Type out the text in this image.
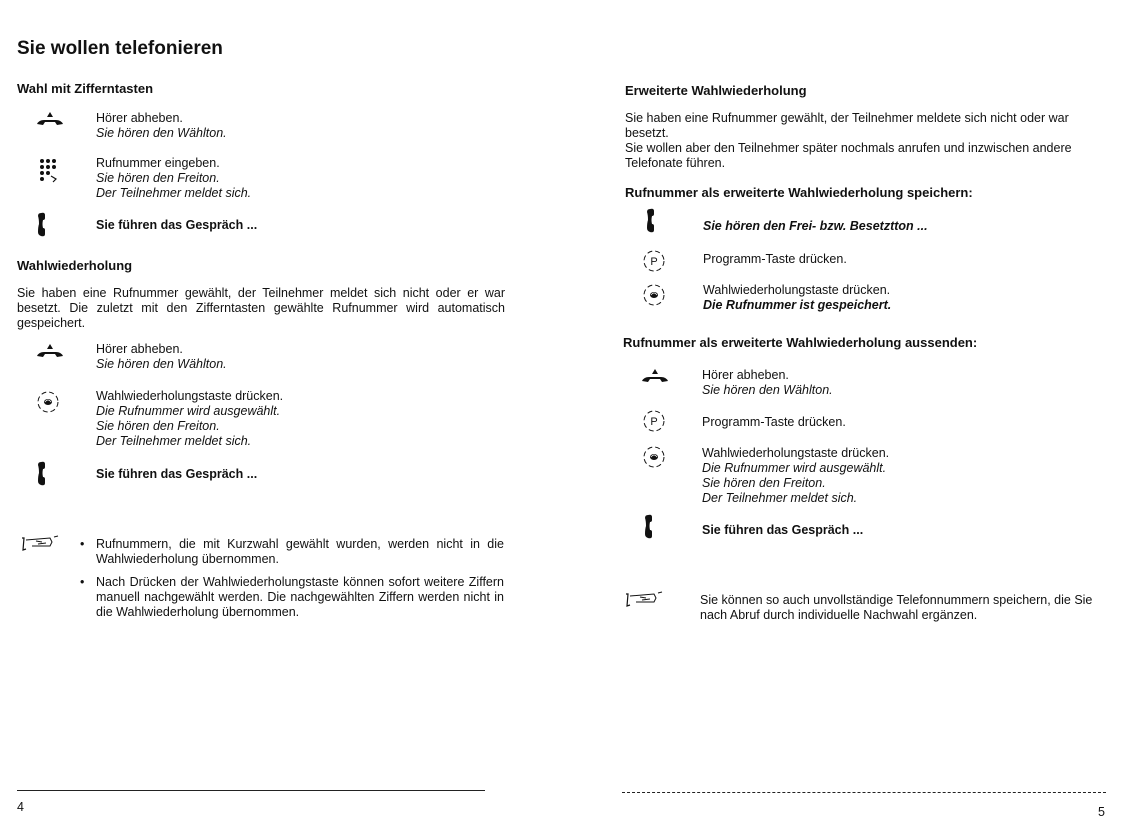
Sie wollen telefonieren
Wahl mit Zifferntasten
Hörer abheben.
Sie hören den Wählton.
Rufnummer eingeben.
Sie hören den Freiton.
Der Teilnehmer meldet sich.
Sie führen das Gespräch ...
Wahlwiederholung
Sie haben eine Rufnummer gewählt, der Teilnehmer meldet sich nicht oder er war besetzt. Die zuletzt mit den Zifferntasten gewählte Rufnummer wird automatisch gespeichert.
Hörer abheben.
Sie hören den Wählton.
Wahlwiederholungstaste drücken.
Die Rufnummer wird ausgewählt.
Sie hören den Freiton.
Der Teilnehmer meldet sich.
Sie führen das Gespräch ...
• Rufnummern, die mit Kurzwahl gewählt wurden, werden nicht in die Wahlwiederholung übernommen.
• Nach Drücken der Wahlwiederholungstaste können sofort weitere Ziffern manuell nachgewählt werden. Die nachgewählten Ziffern werden nicht in die Wahlwiederholung übernommen.
4
Erweiterte Wahlwiederholung
Sie haben eine Rufnummer gewählt, der Teilnehmer meldete sich nicht oder war besetzt.
Sie wollen aber den Teilnehmer später nochmals anrufen und inzwischen andere Telefonate führen.
Rufnummer als erweiterte Wahlwiederholung speichern:
Sie hören den Frei- bzw. Besetztton ...
Programm-Taste drücken.
Wahlwiederholungstaste drücken.
Die Rufnummer ist gespeichert.
Rufnummer als erweiterte Wahlwiederholung aussenden:
Hörer abheben.
Sie hören den Wählton.
Programm-Taste drücken.
Wahlwiederholungstaste drücken.
Die Rufnummer wird ausgewählt.
Sie hören den Freiton.
Der Teilnehmer meldet sich.
Sie führen das Gespräch ...
Sie können so auch unvollständige Telefonnummern speichern, die Sie nach Abruf durch individuelle Nachwahl ergänzen.
5
